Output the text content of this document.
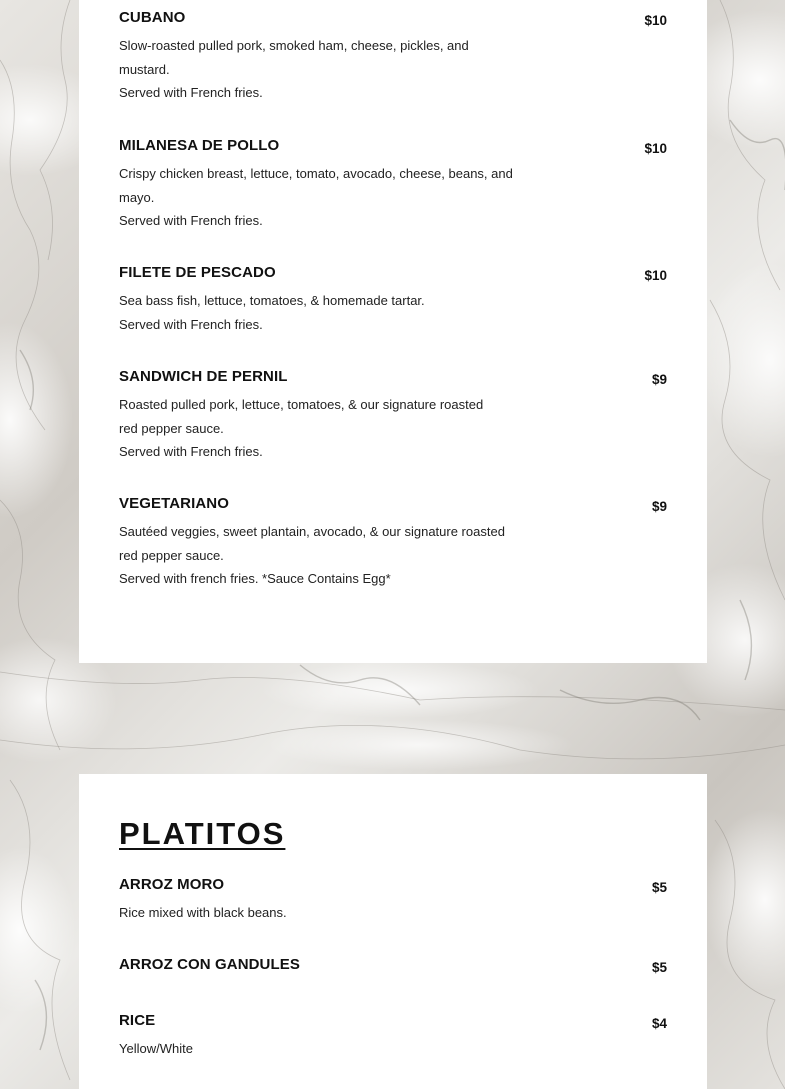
$10
CUBANO
Slow-roasted pulled pork, smoked ham, cheese, pickles, and
mustard.
Served with French fries.
$10
MILANESA DE POLLO
Crispy chicken breast, lettuce, tomato, avocado, cheese, beans, and
mayo.
Served with French fries.
$10
FILETE DE PESCADO
Sea bass fish, lettuce, tomatoes, & homemade tartar.
Served with French fries.
$9
SANDWICH DE PERNIL
Roasted pulled pork, lettuce, tomatoes, & our signature roasted
red pepper sauce.
Served with French fries.
$9
VEGETARIANO
Sautéed veggies, sweet plantain, avocado, & our signature roasted
red pepper sauce.
Served with french fries. *Sauce Contains Egg*
PLATITOS
$5
ARROZ MORO
Rice mixed with black beans.
$5
ARROZ CON GANDULES
$4
RICE
Yellow/White
